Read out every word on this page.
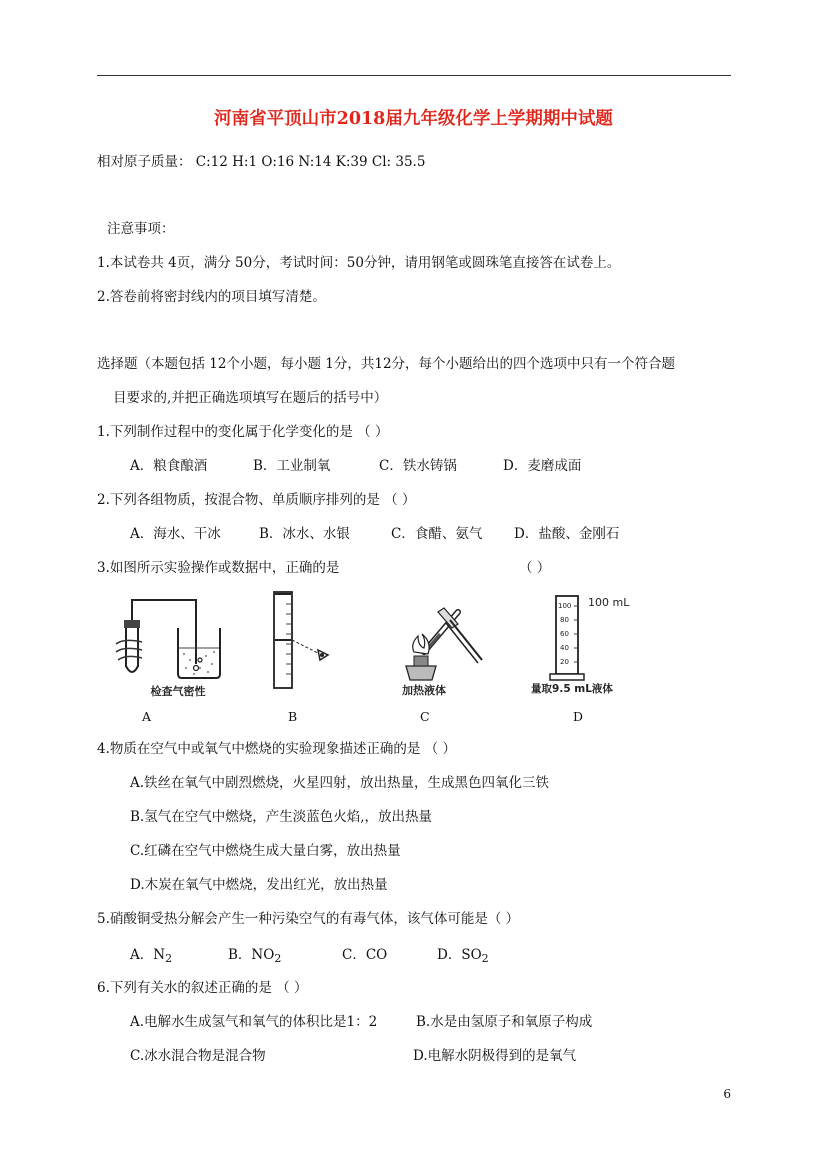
河南省平顶山市2018届九年级化学上学期期中试题
相对原子质量： C:12 H:1 O:16 N:14 K:39 Cl: 35.5
注意事项：
1.本试卷共 4页，满分 50分，考试时间：50分钟，请用钢笔或圆珠笔直接答在试卷上。
2.答卷前将密封线内的项目填写清楚。
选择题（本题包括 12个小题，每小题 1分，共12分，每个小题给出的四个选项中只有一个符合题
目要求的,并把正确选项填写在题后的括号中）
1.下列制作过程中的变化属于化学变化的是 （ ）
A．粮食酿酒	B．工业制氧	C．铁水铸锅	D．麦磨成面
2.下列各组物质，按混合物、单质顺序排列的是 （ ）
A．海水、干冰	B．冰水、水银	C．食醋、氨气 D．盐酸、金刚石
3.如图所示实验操作或数据中，正确的是	（ ）
检查气密性	加热液体
100
80
60
40
20
100 mL
量取9.5 mL液体
A	B	C	D
4.物质在空气中或氧气中燃烧的实验现象描述正确的是 （ ）
A.铁丝在氧气中剧烈燃烧，火星四射，放出热量，生成黑色四氧化三铁
B.氢气在空气中燃烧，产生淡蓝色火焰,，放出热量
C.红磷在空气中燃烧生成大量白雾，放出热量
D.木炭在氧气中燃烧，发出红光，放出热量
5.硝酸铜受热分解会产生一种污染空气的有毒气体，该气体可能是（ ）
A．$N_2$	B．$NO_2$	C．CO	D．$SO_2$
6.下列有关水的叙述正确的是 （ ）
A.电解水生成氢气和氧气的体积比是1：2	B.水是由氢原子和氧原子构成
C.冰水混合物是混合物	D.电解水阴极得到的是氧气
6
